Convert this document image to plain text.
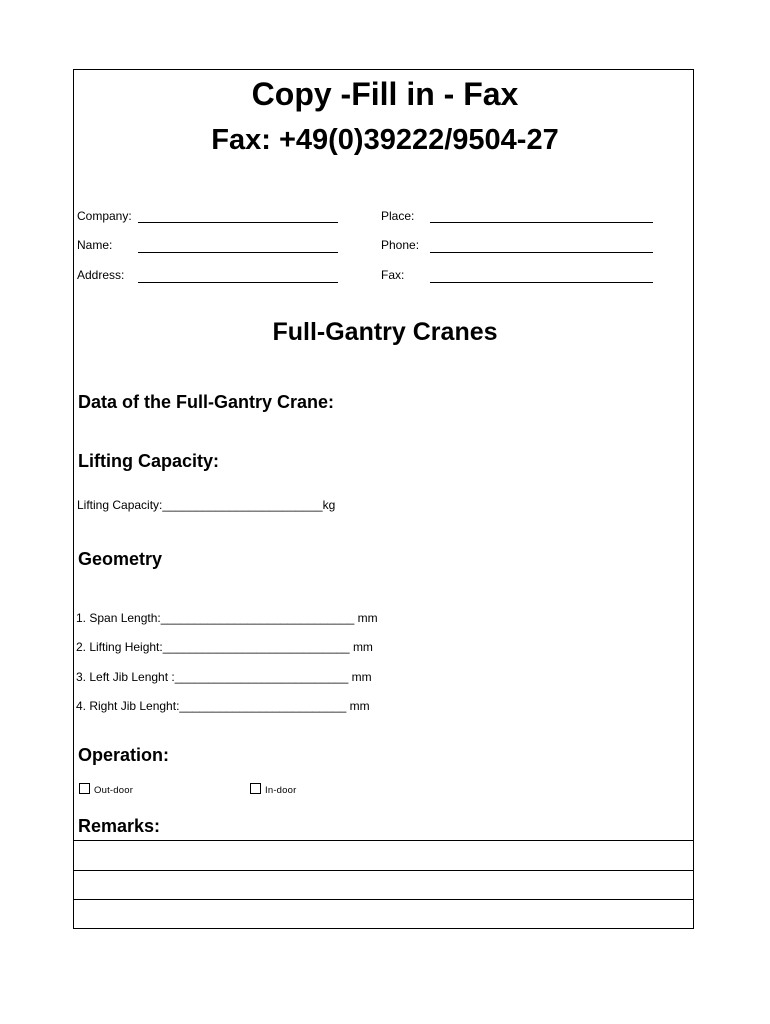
Copy -Fill in - Fax
Fax: +49(0)39222/9504-27
Company:
Name:
Address:
Place:
Phone:
Fax:
Full-Gantry Cranes
Data of the Full-Gantry Crane:
Lifting Capacity:
Lifting Capacity:________________________kg
Geometry
1. Span Length:_____________________________ mm
2. Lifting Height:____________________________ mm
3. Left Jib Lenght :__________________________ mm
4. Right Jib Lenght:_________________________ mm
Operation:
Out-door	In-door
Remarks:
